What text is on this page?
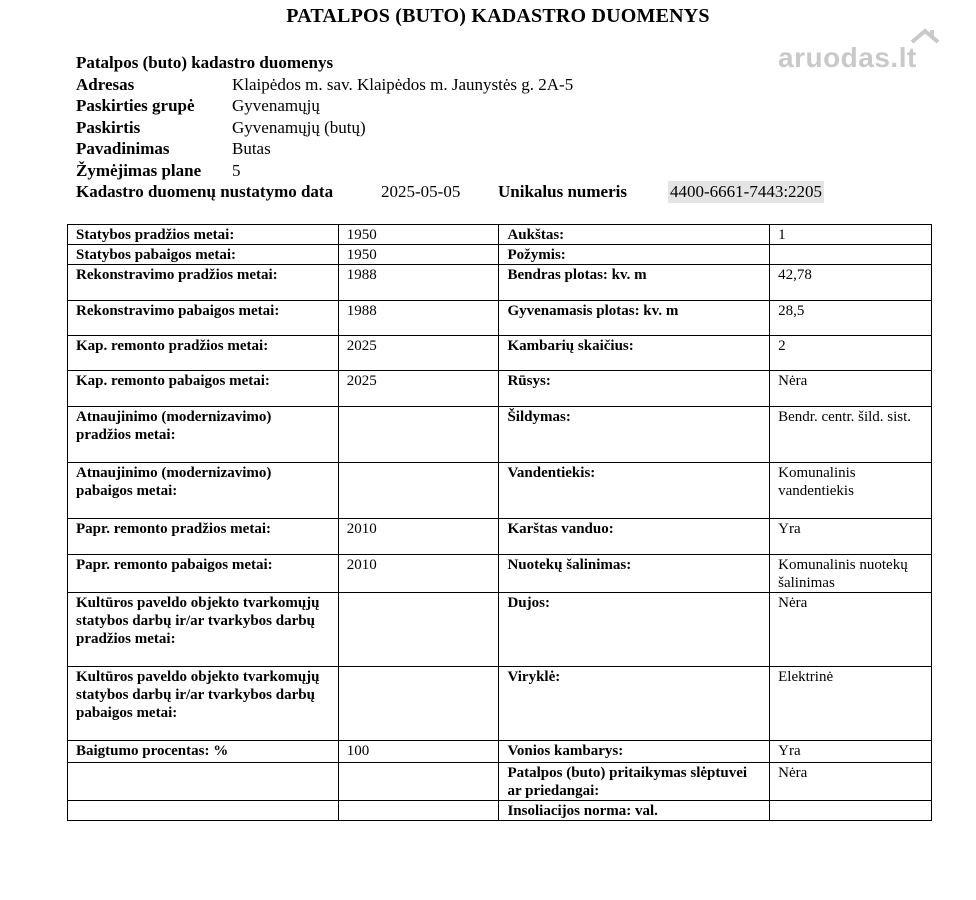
PATALPOS (BUTO) KADASTRO DUOMENYS
aruodas.lt
Patalpos (buto) kadastro duomenys
Adresas	Klaipėdos m. sav. Klaipėdos m. Jaunystės g. 2A-5
Paskirties grupė Gyvenamųjų
Paskirtis	Gyvenamųjų (butų)
Pavadinimas	Butas
Žymėjimas plane 5
Kadastro duomenų nustatymo data	2025-05-05 Unikalus numeris	4400-6661-7443:2205
Statybos pradžios metai:	1950	Aukštas:	1
Statybos pabaigos metai:	1950	Požymis:	
Rekonstravimo pradžios metai:	1988	Bendras plotas: kv. m	42,78
Rekonstravimo pabaigos metai:	1988	Gyvenamasis plotas: kv. m	28,5
Kap. remonto pradžios metai:	2025	Kambarių skaičius:	2
Kap. remonto pabaigos metai:	2025	Rūsys:	Nėra
Atnaujinimo (modernizavimo) pradžios metai:		Šildymas:	Bendr. centr. šild. sist.
Atnaujinimo (modernizavimo) pabaigos metai:		Vandentiekis:	Komunalinis vandentiekis
Papr. remonto pradžios metai:	2010	Karštas vanduo:	Yra
Papr. remonto pabaigos metai:	2010	Nuotekų šalinimas:	Komunalinis nuotekų šalinimas
Kultūros paveldo objekto tvarkomųjų statybos darbų ir/ar tvarkybos darbų pradžios metai:		Dujos:	Nėra
Kultūros paveldo objekto tvarkomųjų statybos darbų ir/ar tvarkybos darbų pabaigos metai:		Viryklė:	Elektrinė
Baigtumo procentas: %	100	Vonios kambarys:	Yra
		Patalpos (buto) pritaikymas slėptuvei ar priedangai:	Nėra
		Insoliacijos norma: val.	
